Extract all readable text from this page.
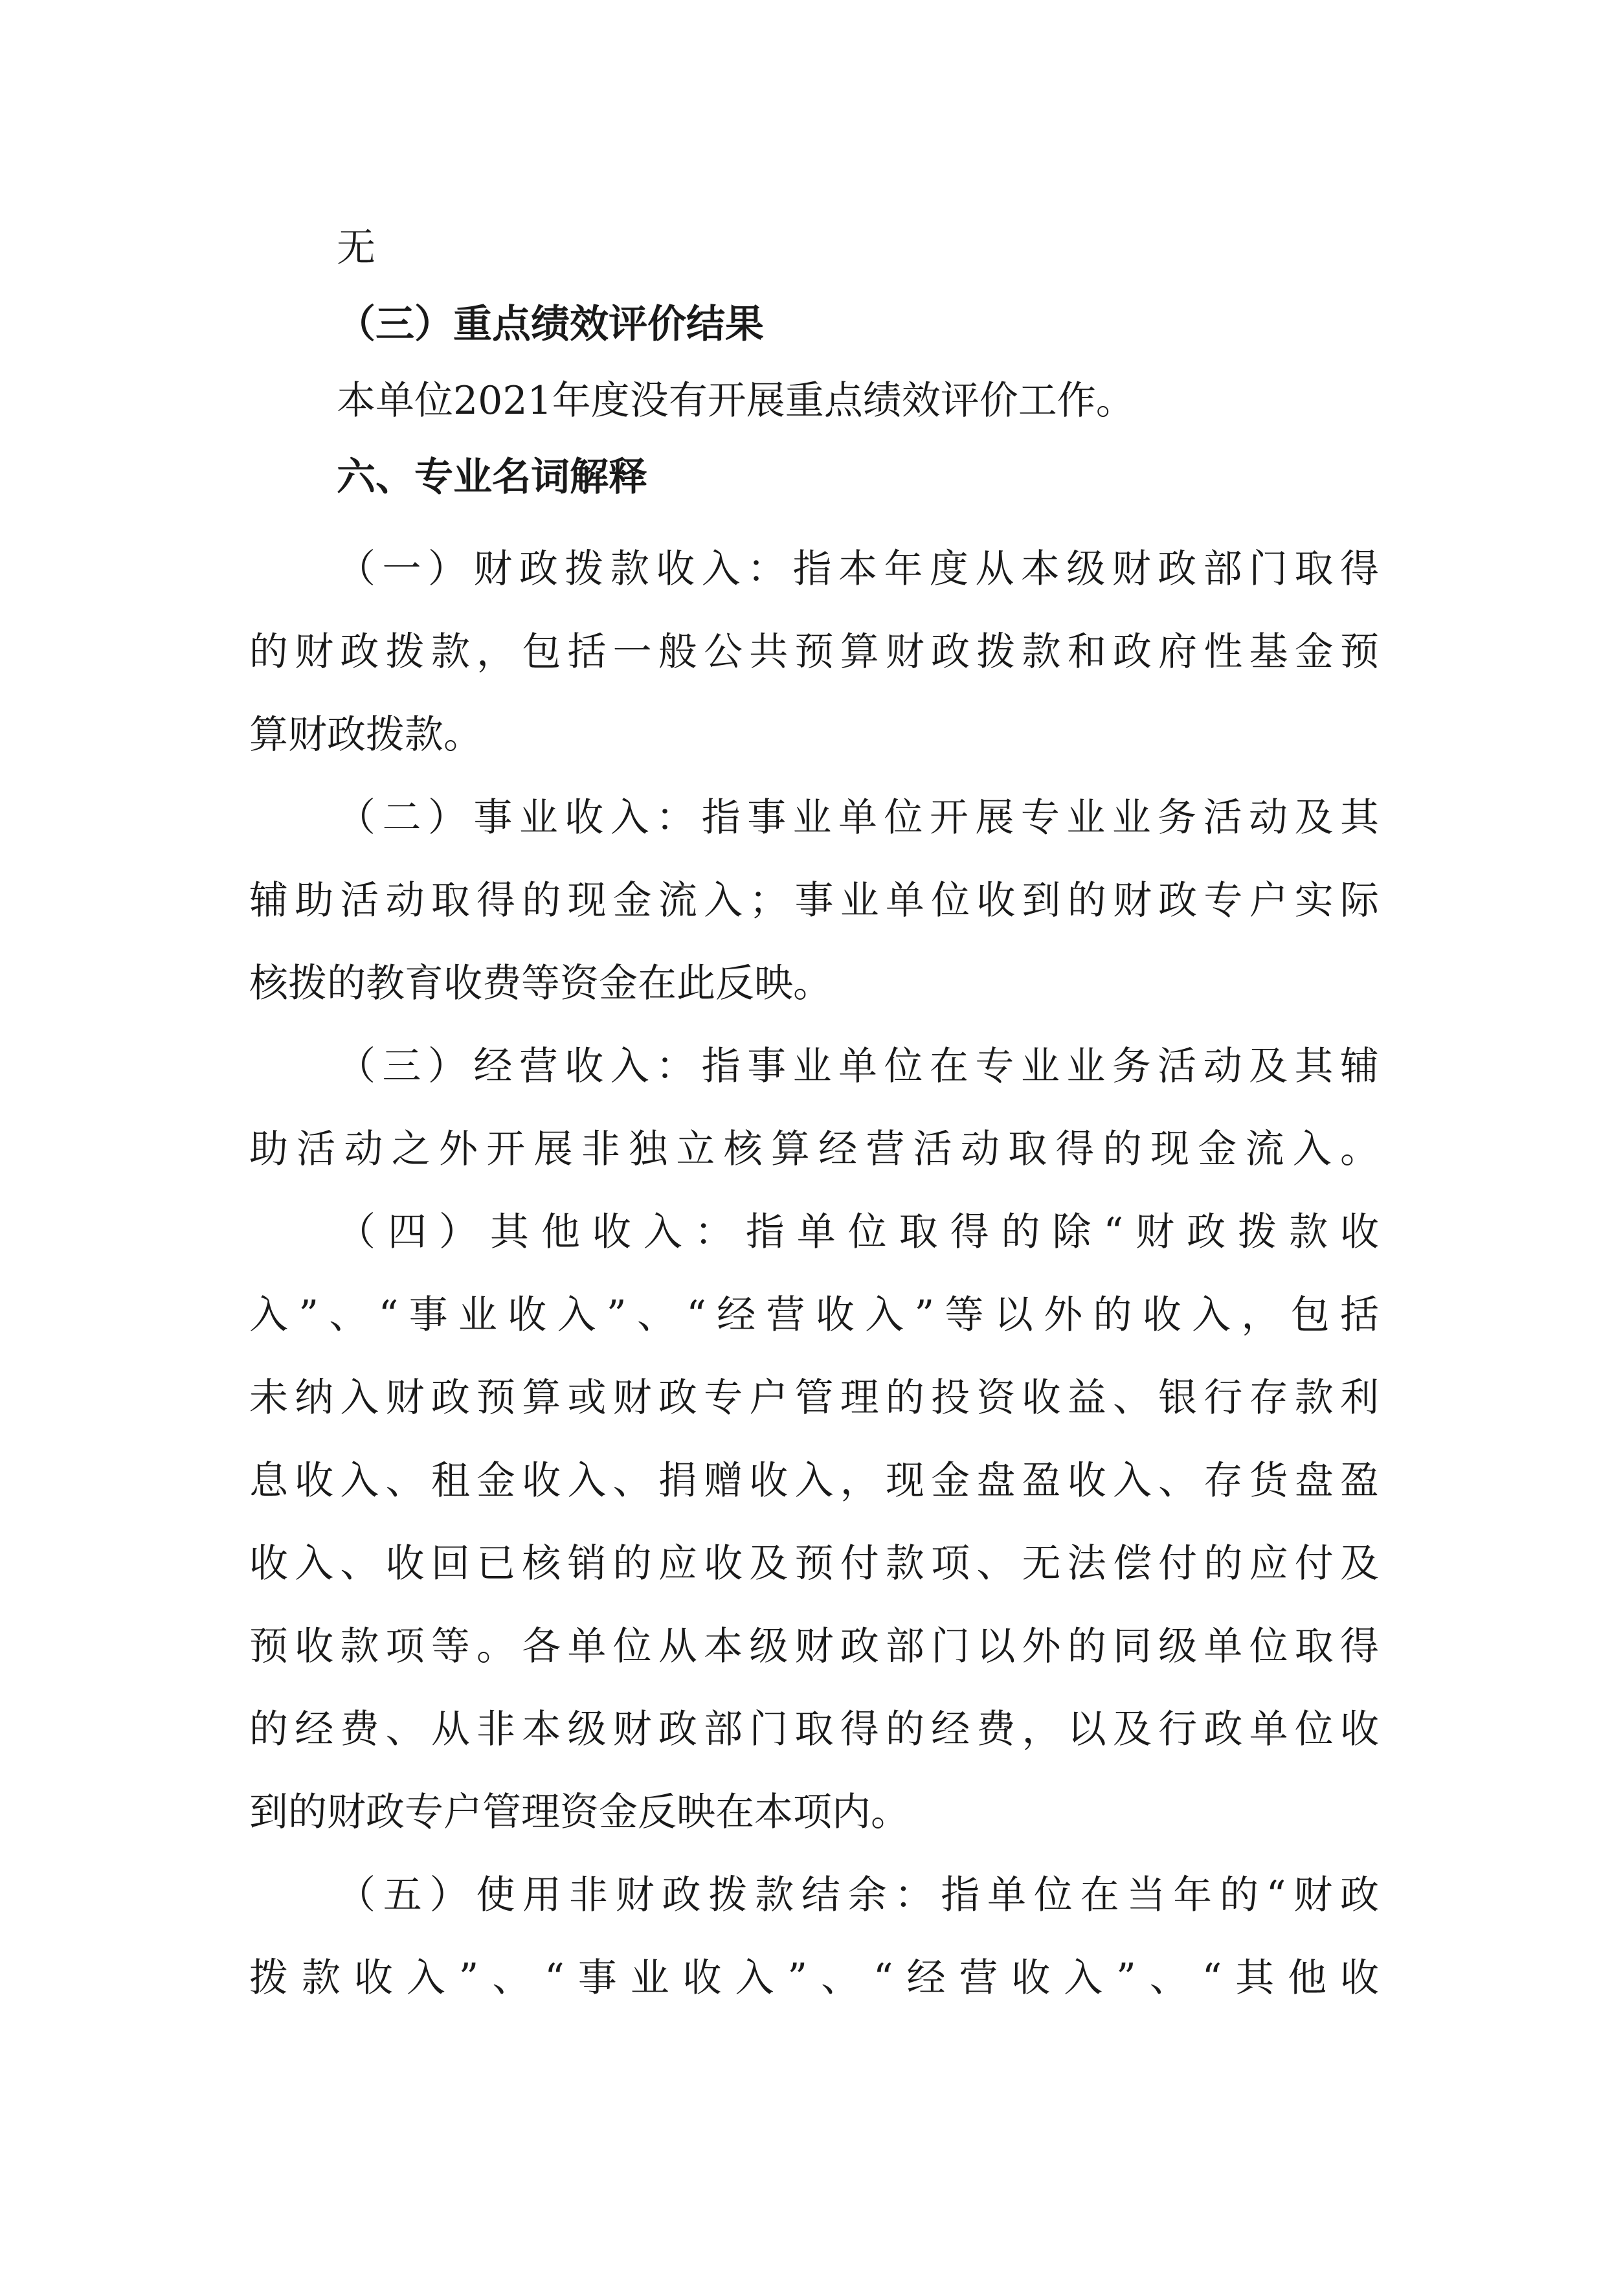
无
（三）重点绩效评价结果
本单位2021年度没有开展重点绩效评价工作。
六、专业名词解释
（一）财政拨款收入：指本年度从本级财政部门取得
的财政拨款，包括一般公共预算财政拨款和政府性基金预
算财政拨款。
（二）事业收入：指事业单位开展专业业务活动及其
辅助活动取得的现金流入；事业单位收到的财政专户实际
核拨的教育收费等资金在此反映。
（三）经营收入：指事业单位在专业业务活动及其辅
助活动之外开展非独立核算经营活动取得的现金流入。
（四）其他收入：指单位取得的除“财政拨款收
入”、“事业收入”、“经营收入”等以外的收入，包括
未纳入财政预算或财政专户管理的投资收益、银行存款利
息收入、租金收入、捐赠收入，现金盘盈收入、存货盘盈
收入、收回已核销的应收及预付款项、无法偿付的应付及
预收款项等。各单位从本级财政部门以外的同级单位取得
的经费、从非本级财政部门取得的经费，以及行政单位收
到的财政专户管理资金反映在本项内。
（五）使用非财政拨款结余：指单位在当年的“财政
拨款收入”、“事业收入”、“经营收入”、“其他收
